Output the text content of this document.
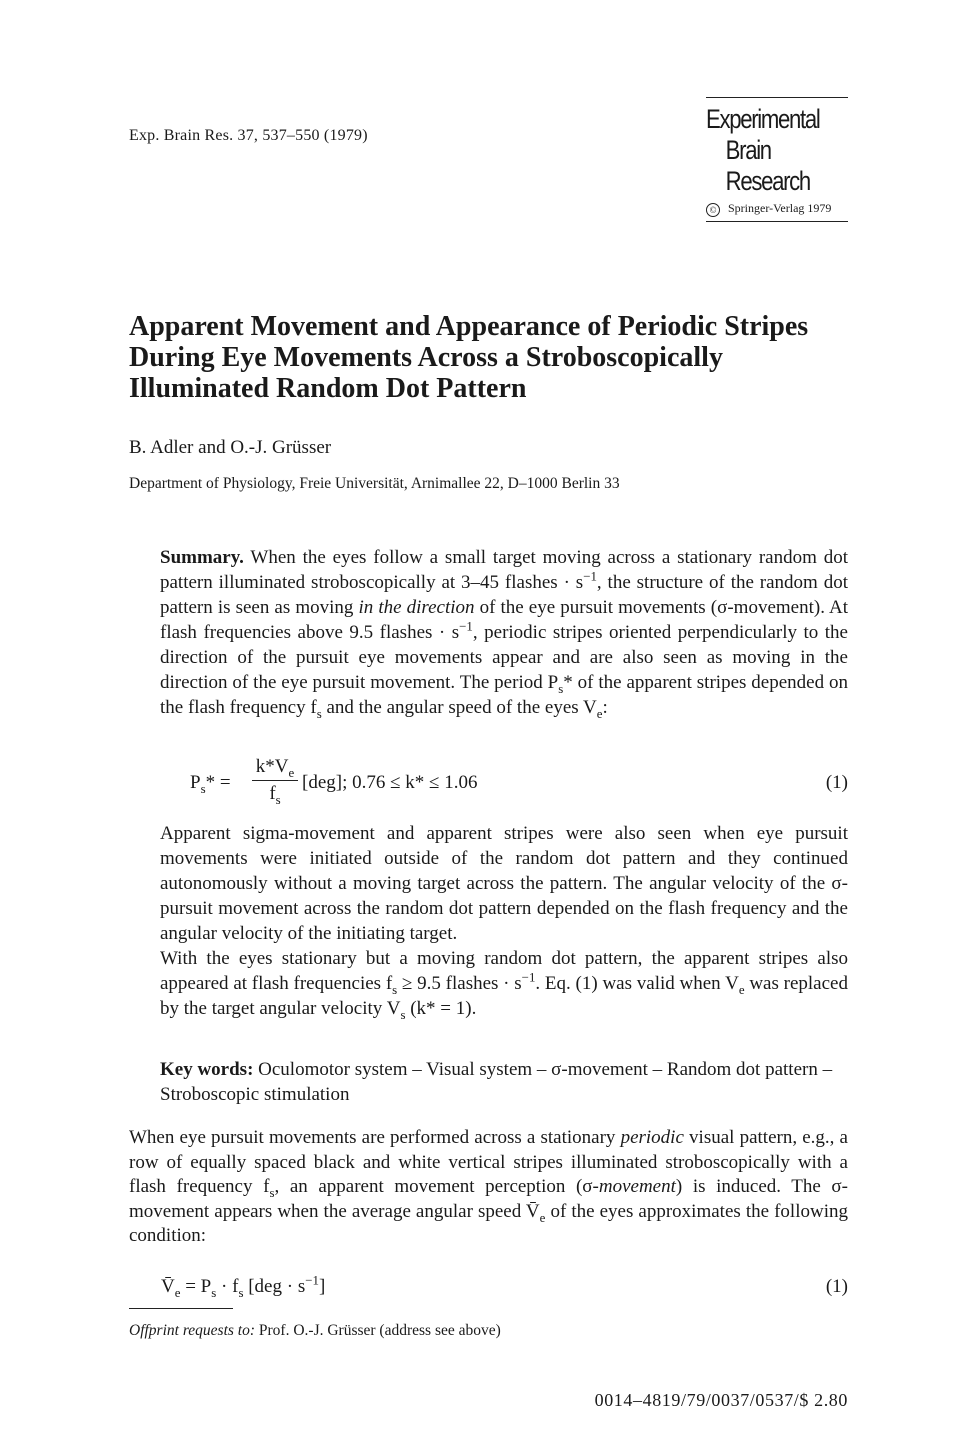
Exp. Brain Res. 37, 537–550 (1979)
Experimental
Brain
Research
© Springer-Verlag 1979
Apparent Movement and Appearance of Periodic Stripes
During Eye Movements Across a Stroboscopically
Illuminated Random Dot Pattern
B. Adler and O.-J. Grüsser
Department of Physiology, Freie Universität, Arnimallee 22, D–1000 Berlin 33

Summary. When the eyes follow a small target moving across a stationary random dot pattern illuminated stroboscopically at 3–45 flashes · $s^{-1}$, the structure of the random dot pattern is seen as moving in the direction of the eye pursuit movements (σ-movement). At flash frequencies above 9.5 flashes · $s^{-1}$, periodic stripes oriented perpendicularly to the direction of the pursuit eye movements appear and are also seen as moving in the direction of the eye pursuit movement. The period $P_s*$ of the apparent stripes depended on the flash frequency $f_s$ and the angular speed of the eyes $V_e$:

$P_s*$ =
$k*V_e$
$f_s$
[deg]; 0.76 ≤ k* ≤ 1.06	(1)

Apparent sigma-movement and apparent stripes were also seen when eye pursuit movements were initiated outside of the random dot pattern and they continued autonomously without a moving target across the pattern. The angular velocity of the σ-pursuit movement across the random dot pattern depended on the flash frequency and the angular velocity of the initiating target.

With the eyes stationary but a moving random dot pattern, the apparent stripes also appeared at flash frequencies $f_s \ge 9.5$ flashes · $s^{-1}$. Eq. (1) was valid when $V_e$ was replaced by the target angular velocity $V_s$ (k* = 1).

Key words: Oculomotor system – Visual system – σ-movement – Random dot pattern – Stroboscopic stimulation
When eye pursuit movements are performed across a stationary periodic visual pattern, e.g., a row of equally spaced black and white vertical stripes illuminated stroboscopically with a flash frequency $f_s$, an apparent movement perception (σ-movement) is induced. The σ-movement appears when the average angular speed $V̄_e$ of the eyes approximates the following condition:
$V̄_e = P_s \cdot f_s$ $[deg \cdot s^{-1}]$	(1)
Offprint requests to: Prof. O.-J. Grüsser (address see above)
0014–4819/79/0037/0537/$ 2.80
